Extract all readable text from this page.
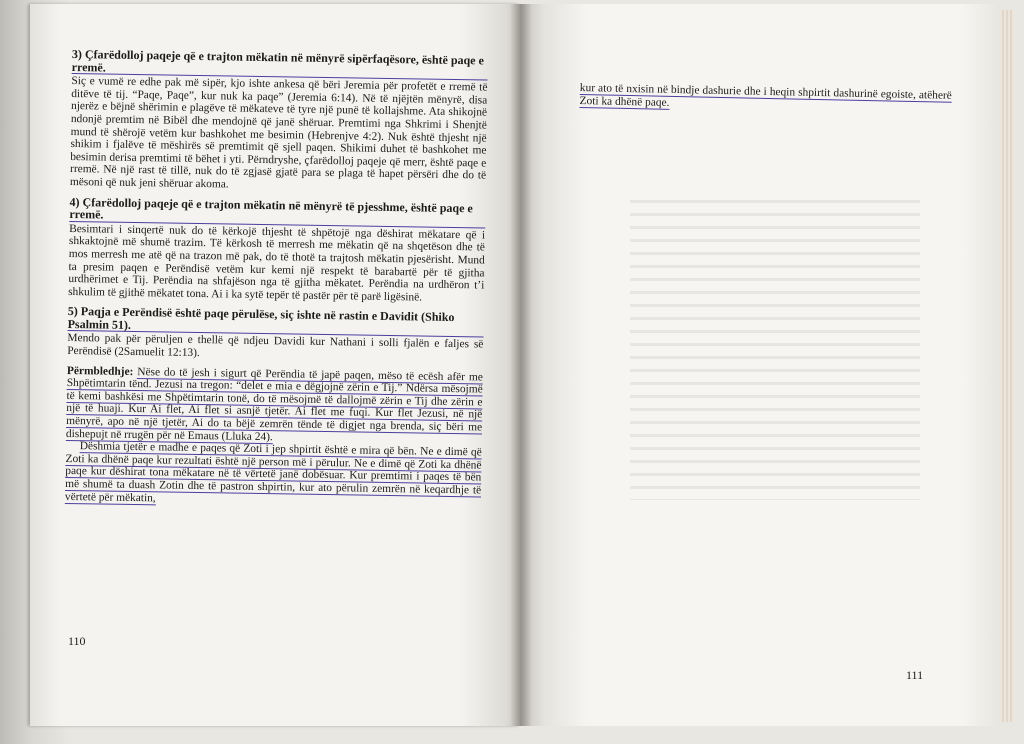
3) Çfarëdolloj paqeje që e trajton mëkatin në mënyrë sipërfaqësore, është paqe e rremë.
Siç e vumë re edhe pak më sipër, kjo ishte ankesa që bëri Jeremia për profetët e rremë të ditëve të tij. “Paqe, Paqe”, kur nuk ka paqe” (Jeremia 6:14). Në të njëjtën mënyrë, disa njerëz e bëjnë shërimin e plagëve të mëkateve të tyre një punë të kollajshme. Ata shikojnë ndonjë premtim në Bibël dhe mendojnë që janë shëruar. Premtimi nga Shkrimi i Shenjtë mund të shërojë vetëm kur bashkohet me besimin (Hebrenjve 4:2). Nuk është thjesht një shikim i fjalëve të mëshirës së premtimit që sjell paqen. Shikimi duhet të bashkohet me besimin derisa premtimi të bëhet i yti. Përndryshe, çfarëdolloj paqeje që merr, është paqe e rremë. Në një rast të tillë, nuk do të zgjasë gjatë para se plaga të hapet përsëri dhe do të mësoni që nuk jeni shëruar akoma.
4) Çfarëdolloj paqeje që e trajton mëkatin në mënyrë të pjesshme, është paqe e rremë.
Besimtari i sinqertë nuk do të kërkojë thjesht të shpëtojë nga dëshirat mëkatare që i shkaktojnë më shumë trazim. Të kërkosh të merresh me mëkatin që na shqetëson dhe të mos merresh me atë që na trazon më pak, do të thotë ta trajtosh mëkatin pjesërisht. Mund ta presim paqen e Perëndisë vetëm kur kemi një respekt të barabartë për të gjitha urdhërimet e Tij. Perëndia na shfajëson nga të gjitha mëkatet. Perëndia na urdhëron t’i shkulim të gjithë mëkatet tona. Ai i ka sytë tepër të pastër për të parë ligësinë.
5) Paqja e Perëndisë është paqe përulëse, siç ishte në rastin e Davidit (Shiko Psalmin 51).
Mendo pak për përuljen e thellë që ndjeu Davidi kur Nathani i solli fjalën e faljes së Perëndisë (2Samuelit 12:13).
Përmbledhje: Nëse do të jesh i sigurt që Perëndia të japë paqen, mëso të ecësh afër me Shpëtimtarin tënd. Jezusi na tregon: “delet e mia e dëgjojnë zërin e Tij.” Ndërsa mësojmë të kemi bashkësi me Shpëtimtarin tonë, do të mësojmë të dallojmë zërin e Tij dhe zërin e një të huaji. Kur Ai flet, Ai flet si asnjë tjetër. Ai flet me fuqi. Kur flet Jezusi, në një mënyrë, apo në një tjetër, Ai do ta bëjë zemrën tënde të digjet nga brenda, siç bëri me dishepujt në rrugën për në Emaus (Lluka 24).
Dëshmia tjetër e madhe e paqes që Zoti i jep shpirtit është e mira që bën. Ne e dimë që Zoti ka dhënë paqe kur rezultati është një person më i përulur. Ne e dimë që Zoti ka dhënë paqe kur dëshirat tona mëkatare në të vërtetë janë dobësuar. Kur premtimi i paqes të bën më shumë ta duash Zotin dhe të pastron shpirtin, kur ato përulin zemrën në keqardhje të vërtetë për mëkatin,
110
kur ato të nxisin në bindje dashurie dhe i heqin shpirtit dashurinë egoiste, atëherë Zoti ka dhënë paqe.
111
